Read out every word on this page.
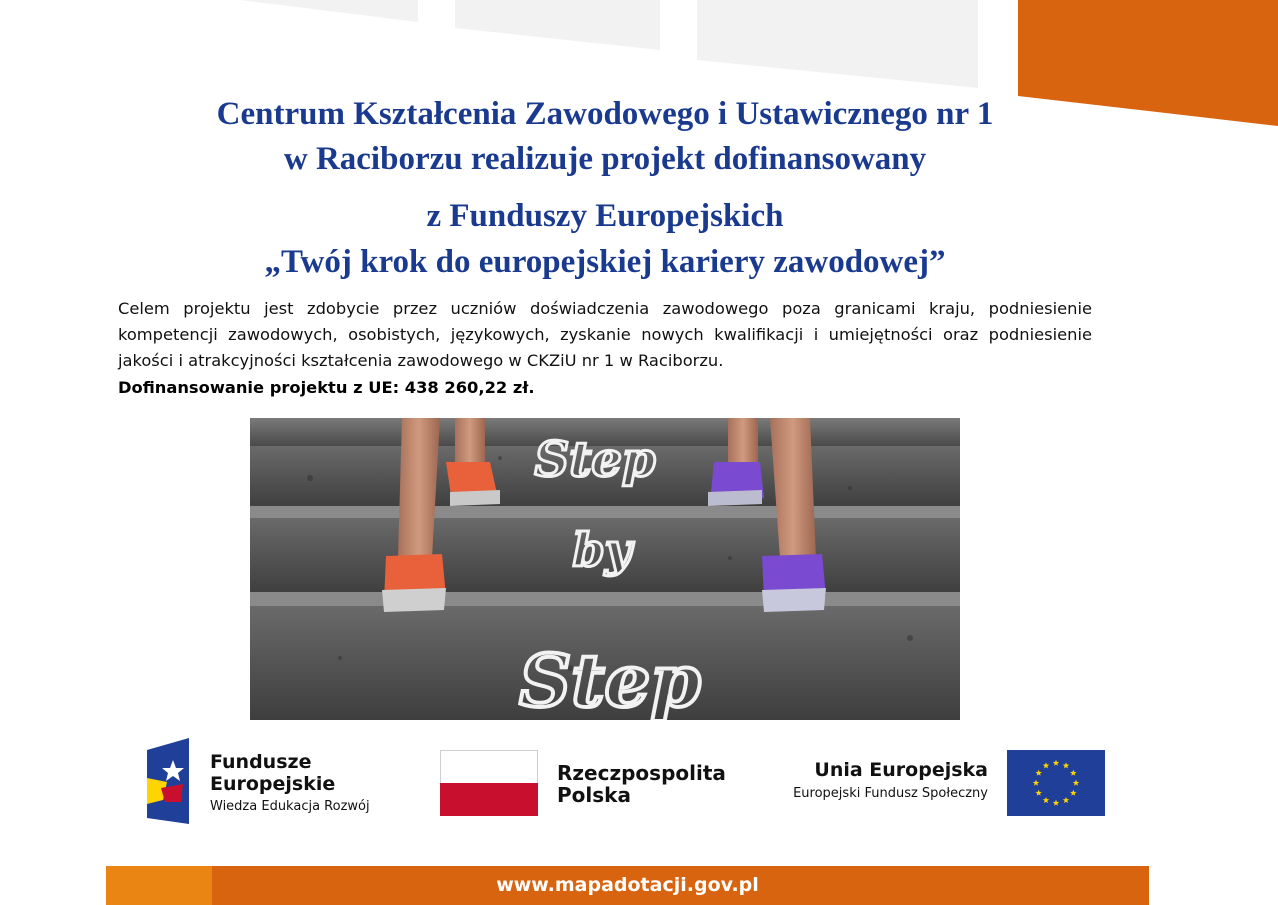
Centrum Kształcenia Zawodowego i Ustawicznego nr 1
w Raciborzu realizuje projekt dofinansowany
z Funduszy Europejskich
„Twój krok do europejskiej kariery zawodowej”

Celem projektu jest zdobycie przez uczniów doświadczenia zawodowego poza granicami kraju, podniesienie kompetencji zawodowych, osobistych, językowych, zyskanie nowych kwalifikacji i umiejętności oraz podniesienie jakości i atrakcyjności kształcenia zawodowego w CKZiU nr 1 w Raciborzu.

Dofinansowanie projektu z UE: 438 260,22 zł.

Step
by
Step
Fundusze
Europejskie
Wiedza Edukacja Rozwój
Rzeczpospolita
Polska
Unia Europejska
Europejski Fundusz Społeczny
www.mapadotacji.gov.pl
